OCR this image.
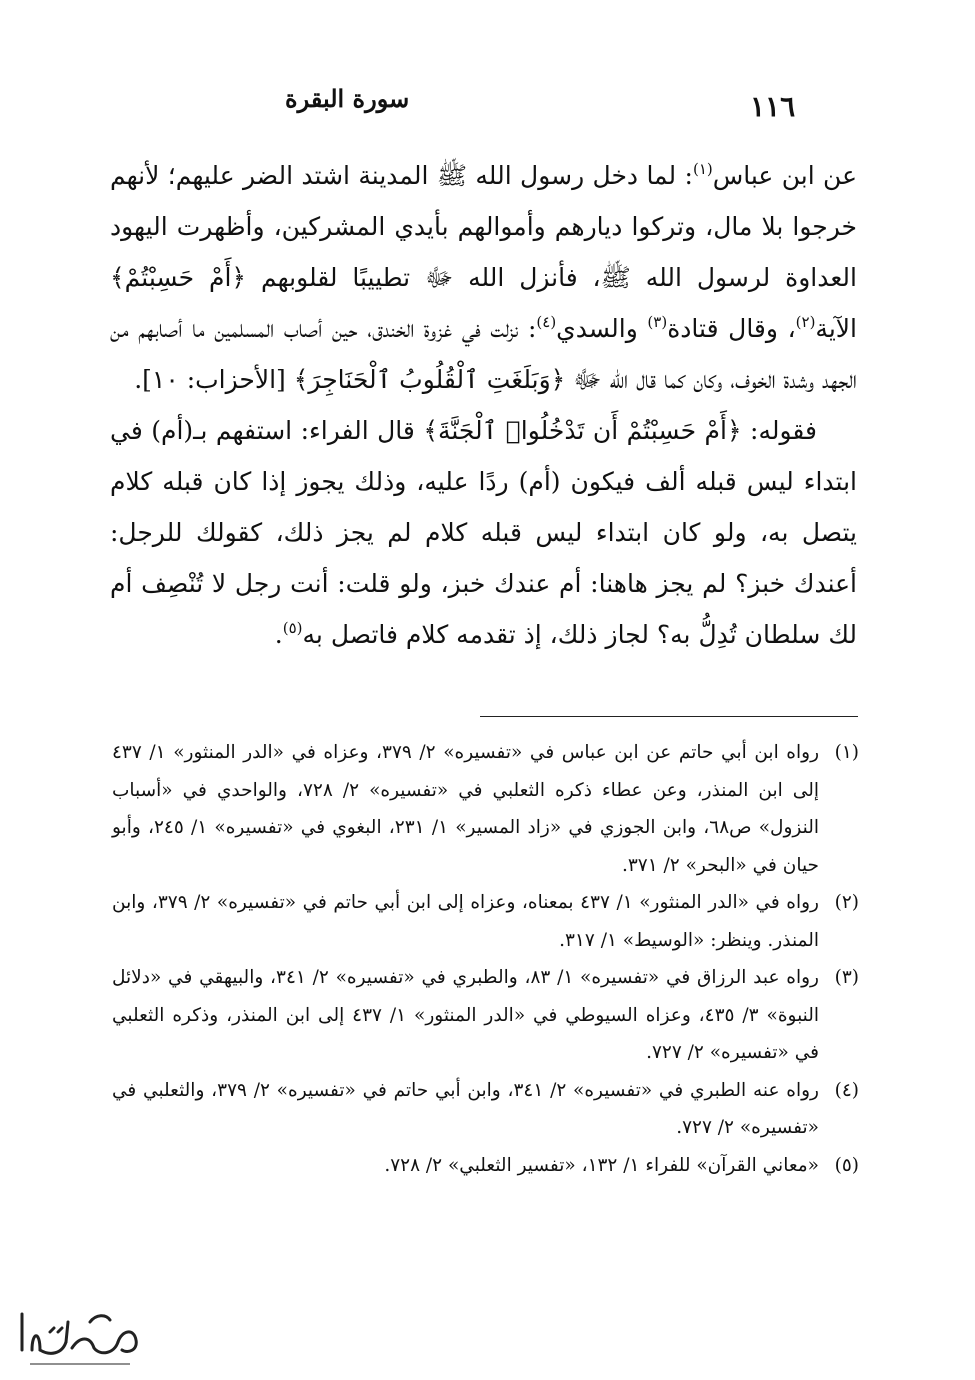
١١٦
سورة البقرة

عن ابن عباس$^{(١)}$: لما دخل رسول الله ﷺ المدينة اشتد الضر عليهم؛ لأنهم خرجوا بلا مال، وتركوا ديارهم وأموالهم بأيدي المشركين، وأظهرت اليهود العداوة لرسول الله ﷺ، فأنزل الله ﷻ تطييبًا لقلوبهم ﴿أَمْ حَسِبْتُمْ﴾ الآية$^{(٢)}$، وقال قتادة$^{(٣)}$ والسدي$^{(٤)}$: نزلت في غزوة الخندق، حين أصاب المسلمين ما أصابهم من الجهد وشدة الخوف، وكان كما قال الله ﷻ ﴿وَبَلَغَتِ ٱلْقُلُوبُ ٱلْحَنَاجِرَ﴾ [الأحزاب: ١٠].

فقوله: ﴿أَمْ حَسِبْتُمْ أَن تَدْخُلُوا۟ ٱلْجَنَّةَ﴾ قال الفراء: استفهم بـ(أم) في ابتداء ليس قبله ألف فيكون (أم) ردًا عليه، وذلك يجوز إذا كان قبله كلام يتصل به، ولو كان ابتداء ليس قبله كلام لم يجز ذلك، كقولك للرجل: أعندك خبز؟ لم يجز هاهنا: أم عندك خبز، ولو قلت: أنت رجل لا تُنْصِف أم لك سلطان تُدِلُّ به؟ لجاز ذلك، إذ تقدمه كلام فاتصل به$^{(٥)}$.

(١)
رواه ابن أبي حاتم عن ابن عباس في «تفسيره» ٢/ ٣٧٩، وعزاه في «الدر المنثور» ١/ ٤٣٧ إلى ابن المنذر، وعن عطاء ذكره الثعلبي في «تفسيره» ٢/ ٧٢٨، والواحدي في «أسباب النزول» ص٦٨، وابن الجوزي في «زاد المسير» ١/ ٢٣١، البغوي في «تفسيره» ١/ ٢٤٥، وأبو حيان في «البحر» ٢/ ٣٧١.

(٢)
رواه في «الدر المنثور» ١/ ٤٣٧ بمعناه، وعزاه إلى ابن أبي حاتم في «تفسيره» ٢/ ٣٧٩، وابن المنذر. وينظر: «الوسيط» ١/ ٣١٧.

(٣)
رواه عبد الرزاق في «تفسيره» ١/ ٨٣، والطبري في «تفسيره» ٢/ ٣٤١، والبيهقي في «دلائل النبوة» ٣/ ٤٣٥، وعزاه السيوطي في «الدر المنثور» ١/ ٤٣٧ إلى ابن المنذر، وذكره الثعلبي في «تفسيره» ٢/ ٧٢٧.

(٤)
رواه عنه الطبري في «تفسيره» ٢/ ٣٤١، وابن أبي حاتم في «تفسيره» ٢/ ٣٧٩، والثعلبي في «تفسيره» ٢/ ٧٢٧.

(٥)
«معاني القرآن» للفراء ١/ ١٣٢، «تفسير الثعلبي» ٢/ ٧٢٨.
